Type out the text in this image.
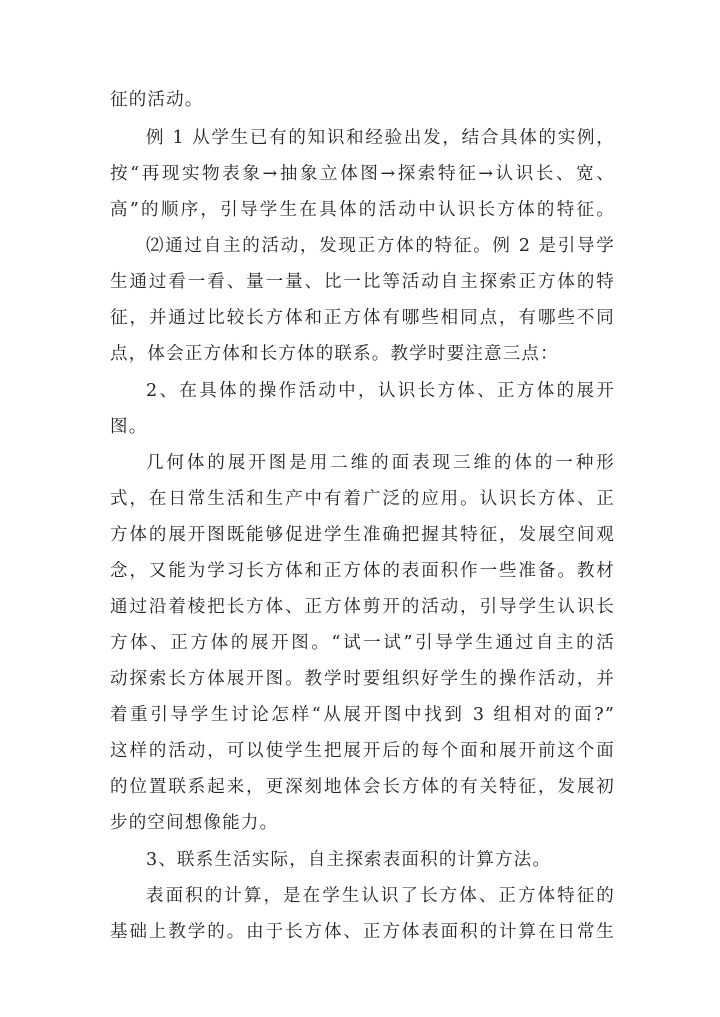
征的活动。
例 1 从学生已有的知识和经验出发，结合具体的实例，
按“再现实物表象→抽象立体图→探索特征→认识长、宽、
高”的顺序，引导学生在具体的活动中认识长方体的特征。
⑵通过自主的活动，发现正方体的特征。例 2 是引导学
生通过看一看、量一量、比一比等活动自主探索正方体的特
征，并通过比较长方体和正方体有哪些相同点，有哪些不同
点，体会正方体和长方体的联系。教学时要注意三点：
2、在具体的操作活动中，认识长方体、正方体的展开
图。
几何体的展开图是用二维的面表现三维的体的一种形
式，在日常生活和生产中有着广泛的应用。认识长方体、正
方体的展开图既能够促进学生准确把握其特征，发展空间观
念，又能为学习长方体和正方体的表面积作一些准备。教材
通过沿着棱把长方体、正方体剪开的活动，引导学生认识长
方体、正方体的展开图。“试一试”引导学生通过自主的活
动探索长方体展开图。教学时要组织好学生的操作活动，并
着重引导学生讨论怎样“从展开图中找到 3 组相对的面?”
这样的活动，可以使学生把展开后的每个面和展开前这个面
的位置联系起来，更深刻地体会长方体的有关特征，发展初
步的空间想像能力。
3、联系生活实际，自主探索表面积的计算方法。
表面积的计算，是在学生认识了长方体、正方体特征的
基础上教学的。由于长方体、正方体表面积的计算在日常生
